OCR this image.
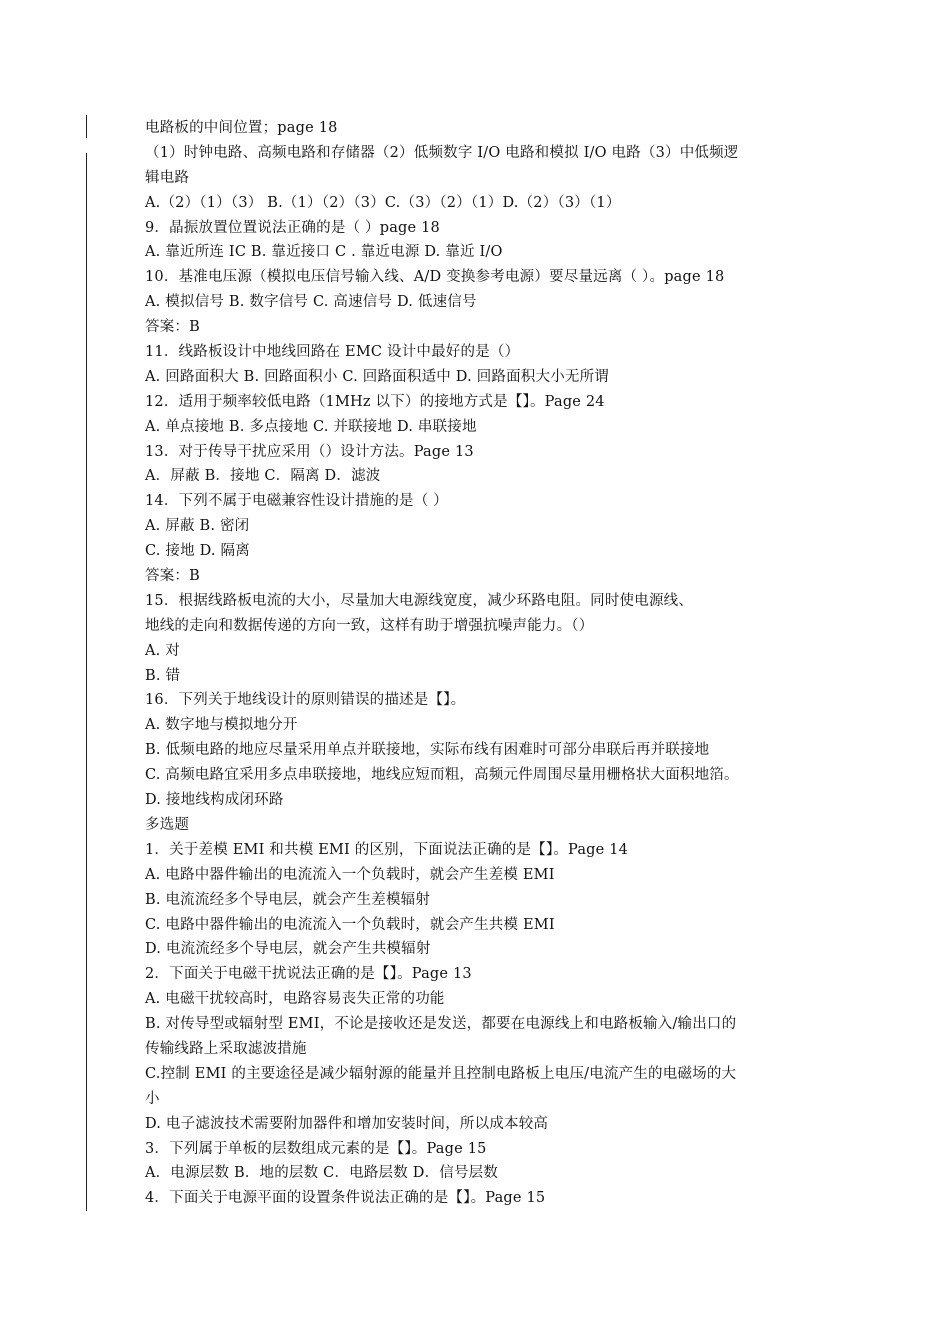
电路板的中间位置；page 18
（1）时钟电路、高频电路和存储器（2）低频数字 I/O 电路和模拟 I/O 电路（3）中低频逻
辑电路
A.（2）（1）（3） B.（1）（2）（3）C.（3）（2）（1）D.（2）（3）（1）
9．晶振放置位置说法正确的是（ ）page 18
A. 靠近所连 IC B. 靠近接口 C . 靠近电源 D. 靠近 I/O
10．基准电压源（模拟电压信号输入线、A/D 变换参考电源）要尽量远离（ ）。page 18
A. 模拟信号 B. 数字信号 C. 高速信号 D. 低速信号
答案：B
11．线路板设计中地线回路在 EMC 设计中最好的是（）
A. 回路面积大 B. 回路面积小 C. 回路面积适中 D. 回路面积大小无所谓
12．适用于频率较低电路（1MHz 以下）的接地方式是【】。Page 24
A. 单点接地 B. 多点接地 C. 并联接地 D. 串联接地
13．对于传导干扰应采用（）设计方法。Page 13
A．屏蔽 B．接地 C．隔离 D．滤波
14．下列不属于电磁兼容性设计措施的是（ ）
A. 屏蔽 B. 密闭
C. 接地 D. 隔离
答案：B
15．根据线路板电流的大小，尽量加大电源线宽度，减少环路电阻。同时使电源线、
地线的走向和数据传递的方向一致，这样有助于增强抗噪声能力。（）
A. 对
B. 错
16．下列关于地线设计的原则错误的描述是【】。
A. 数字地与模拟地分开
B. 低频电路的地应尽量采用单点并联接地，实际布线有困难时可部分串联后再并联接地
C. 高频电路宜采用多点串联接地，地线应短而粗，高频元件周围尽量用栅格状大面积地箔。
D. 接地线构成闭环路
多选题
1．关于差模 EMI 和共模 EMI 的区别，下面说法正确的是【】。Page 14
A. 电路中器件输出的电流流入一个负载时，就会产生差模 EMI
B. 电流流经多个导电层，就会产生差模辐射
C. 电路中器件输出的电流流入一个负载时，就会产生共模 EMI
D. 电流流经多个导电层，就会产生共模辐射
2．下面关于电磁干扰说法正确的是【】。Page 13
A. 电磁干扰较高时，电路容易丧失正常的功能
B. 对传导型或辐射型 EMI，不论是接收还是发送，都要在电源线上和电路板输入/输出口的
传输线路上采取滤波措施
C.控制 EMI 的主要途径是减少辐射源的能量并且控制电路板上电压/电流产生的电磁场的大
小
D. 电子滤波技术需要附加器件和增加安装时间，所以成本较高
3．下列属于单板的层数组成元素的是【】。Page 15
A．电源层数 B．地的层数 C．电路层数 D．信号层数
4．下面关于电源平面的设置条件说法正确的是【】。Page 15
